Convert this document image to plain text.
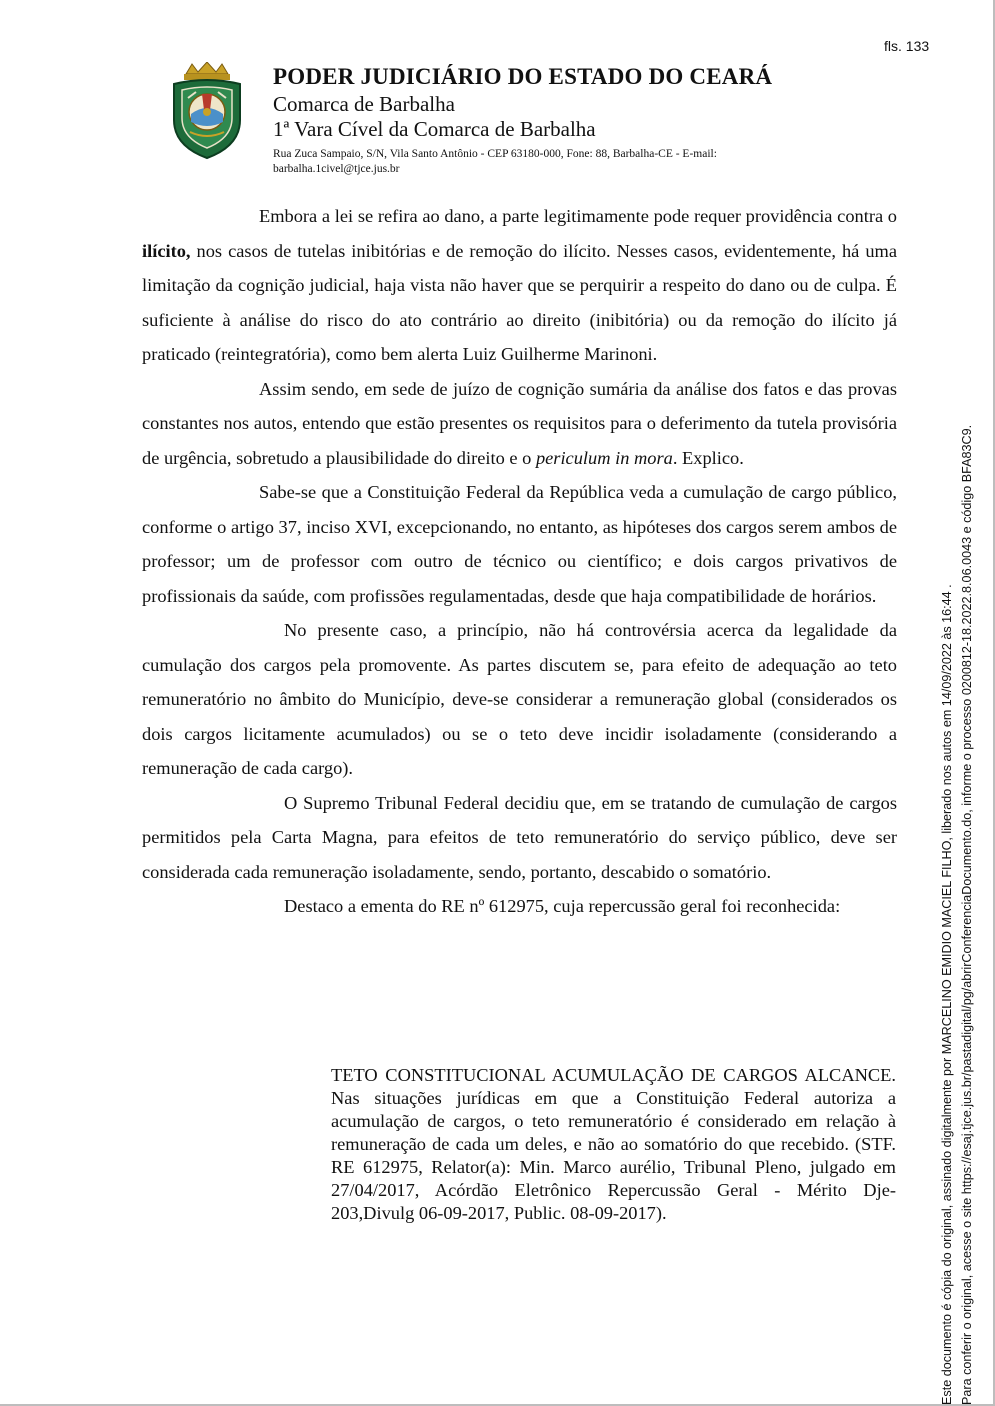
fls. 133
PODER JUDICIÁRIO DO ESTADO DO CEARÁ
Comarca de Barbalha
1ª Vara Cível da Comarca de Barbalha
Rua Zuca Sampaio, S/N, Vila Santo Antônio - CEP 63180-000, Fone: 88, Barbalha-CE - E-mail: barbalha.1civel@tjce.jus.br

Embora a lei se refira ao dano, a parte legitimamente pode requer providência contra o ilícito, nos casos de tutelas inibitórias e de remoção do ilícito. Nesses casos, evidentemente, há uma limitação da cognição judicial, haja vista não haver que se perquirir a respeito do dano ou de culpa. É suficiente à análise do risco do ato contrário ao direito (inibitória) ou da remoção do ilícito já praticado (reintegratória), como bem alerta Luiz Guilherme Marinoni.

Assim sendo, em sede de juízo de cognição sumária da análise dos fatos e das provas constantes nos autos, entendo que estão presentes os requisitos para o deferimento da tutela provisória de urgência, sobretudo a plausibilidade do direito e o periculum in mora. Explico.

Sabe-se que a Constituição Federal da República veda a cumulação de cargo público, conforme o artigo 37, inciso XVI, excepcionando, no entanto, as hipóteses dos cargos serem ambos de professor; um de professor com outro de técnico ou científico; e dois cargos privativos de profissionais da saúde, com profissões regulamentadas, desde que haja compatibilidade de horários.

No presente caso, a princípio, não há controvérsia acerca da legalidade da cumulação dos cargos pela promovente. As partes discutem se, para efeito de adequação ao teto remuneratório no âmbito do Município, deve-se considerar a remuneração global (considerados os dois cargos licitamente acumulados) ou se o teto deve incidir isoladamente (considerando a remuneração de cada cargo).

O Supremo Tribunal Federal decidiu que, em se tratando de cumulação de cargos permitidos pela Carta Magna, para efeitos de teto remuneratório do serviço público, deve ser considerada cada remuneração isoladamente, sendo, portanto, descabido o somatório.

Destaco a ementa do RE nº 612975, cuja repercussão geral foi reconhecida:

TETO CONSTITUCIONAL ACUMULAÇÃO DE CARGOS ALCANCE. Nas situações jurídicas em que a Constituição Federal autoriza a acumulação de cargos, o teto remuneratório é considerado em relação à remuneração de cada um deles, e não ao somatório do que recebido. (STF. RE 612975, Relator(a): Min. Marco aurélio, Tribunal Pleno, julgado em 27/04/2017, Acórdão Eletrônico Repercussão Geral - Mérito Dje-203,Divulg 06-09-2017, Public. 08-09-2017).	Este documento é cópia do original, assinado digitalmente por MARCELINO EMIDIO MACIEL FILHO, liberado nos autos em 14/09/2022 às 16:44 . Para conferir o original, acesse o site https://esaj.tjce.jus.br/pastadigital/pg/abrirConferenciaDocumento.do, informe o processo 0200812-18.2022.8.06.0043 e código BFA83C9.
